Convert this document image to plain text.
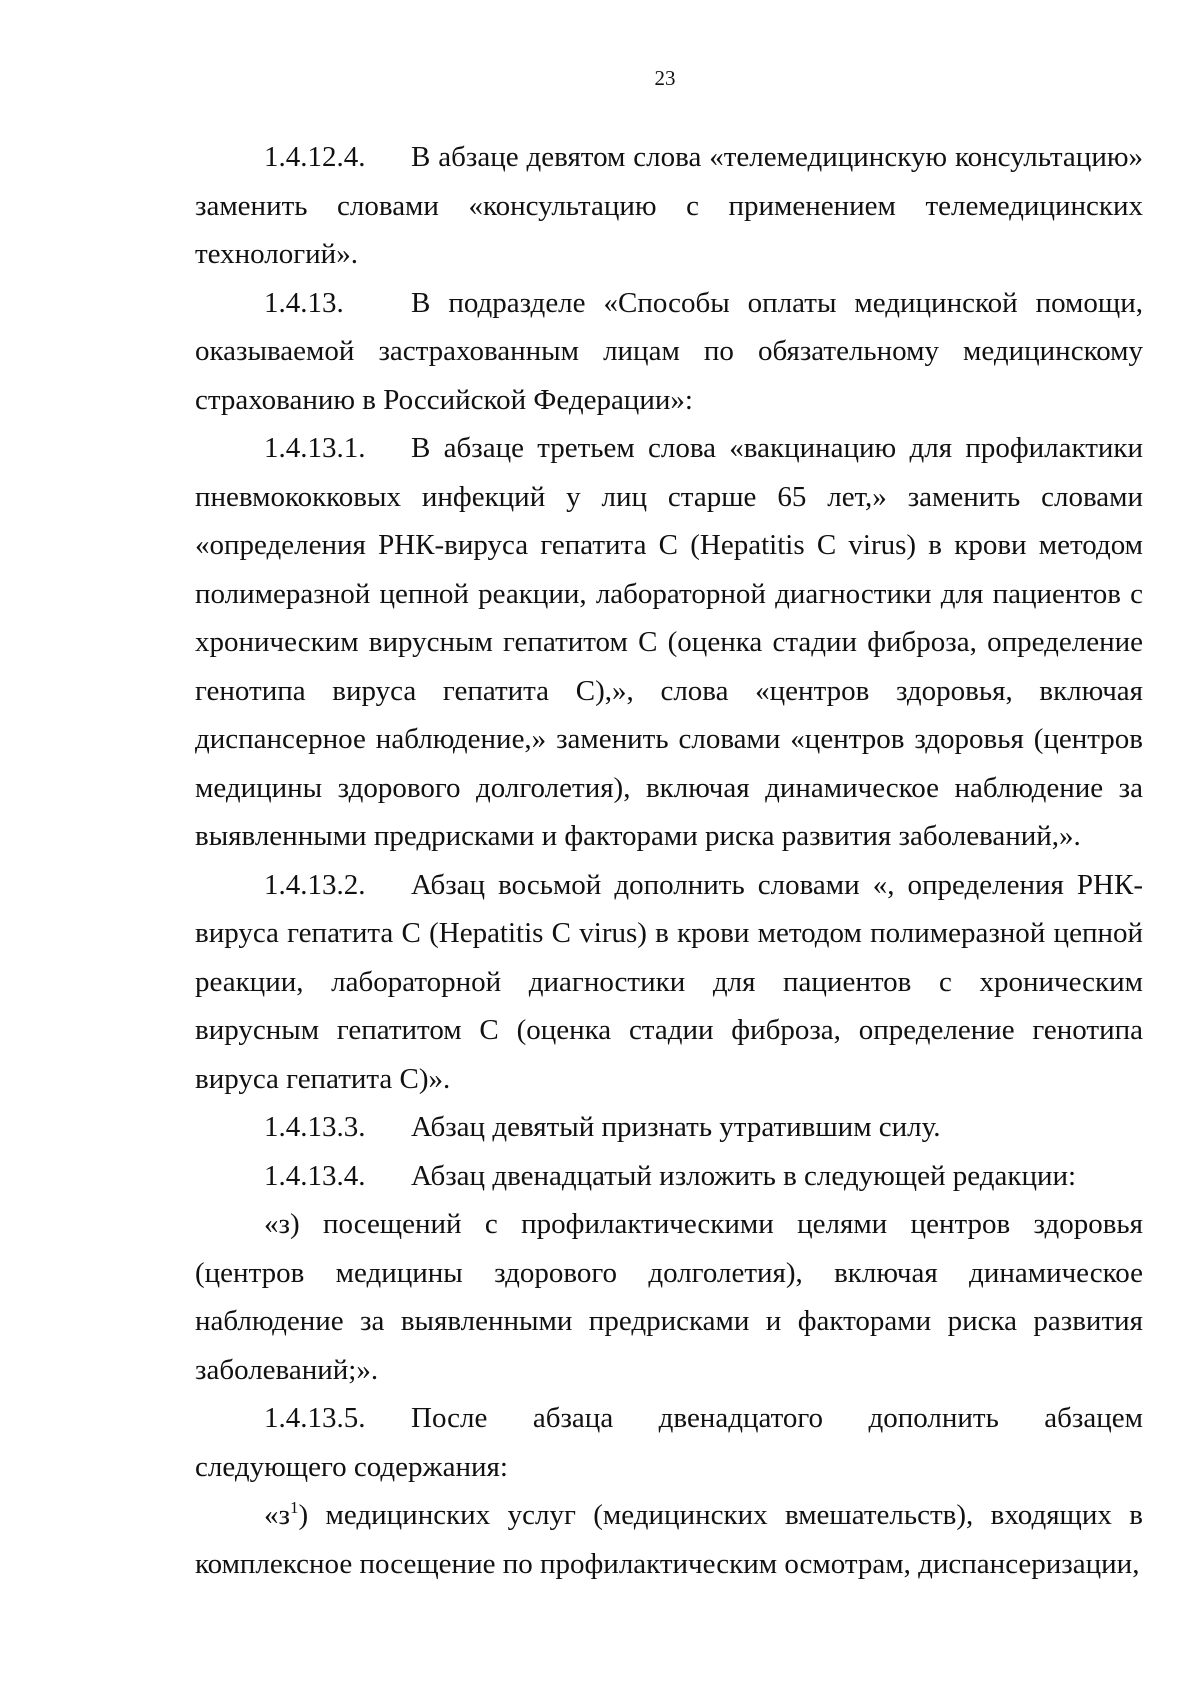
23

1.4.12.4. В абзаце девятом слова «телемедицинскую консультацию» заменить словами «консультацию с применением телемедицинских технологий».

1.4.13. В подразделе «Способы оплаты медицинской помощи, оказываемой застрахованным лицам по обязательному медицинскому страхованию в Российской Федерации»:

1.4.13.1. В абзаце третьем слова «вакцинацию для профилактики пневмококковых инфекций у лиц старше 65 лет,» заменить словами «определения РНК-вируса гепатита С (Hepatitis C virus) в крови методом полимеразной цепной реакции, лабораторной диагностики для пациентов с хроническим вирусным гепатитом С (оценка стадии фиброза, определение генотипа вируса гепатита С),», слова «центров здоровья, включая диспансерное наблюдение,» заменить словами «центров здоровья (центров медицины здорового долголетия), включая динамическое наблюдение за выявленными предрисками и факторами риска развития заболеваний,».

1.4.13.2. Абзац восьмой дополнить словами «, определения РНК-вируса гепатита С (Hepatitis C virus) в крови методом полимеразной цепной реакции, лабораторной диагностики для пациентов с хроническим вирусным гепатитом С (оценка стадии фиброза, определение генотипа вируса гепатита С)».

1.4.13.3. Абзац девятый признать утратившим силу.

1.4.13.4. Абзац двенадцатый изложить в следующей редакции:

«з) посещений с профилактическими целями центров здоровья (центров медицины здорового долголетия), включая динамическое наблюдение за выявленными предрисками и факторами риска развития заболеваний;».

1.4.13.5. После абзаца двенадцатого дополнить абзацем следующего содержания:

«$з^1$) медицинских услуг (медицинских вмешательств), входящих в комплексное посещение по профилактическим осмотрам, диспансеризации,
